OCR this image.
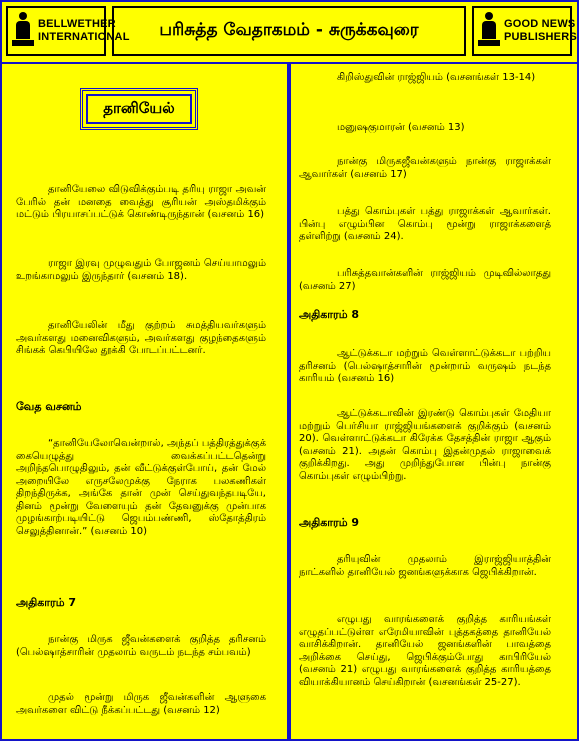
BELLWETHER
INTERNATIONAL	பரிசுத்த வேதாகமம் - சுருக்கவுரை	GOOD NEWS
PUBLISHERS
தானியேல்
தானியேலை விடுவிக்கும்படி தரியு ராஜா அவன் பேரில் தன் மனதை வைத்து சூரியன் அஸ்தமிக்கும் மட்டும் பிரயாசப்பட்டுக் கொண்டிருந்தான் (வசனம் 16)
ராஜா இரவு முழுவதும் போஜனம் செய்யாமலும் உறங்காமலும் இருந்தார் (வசனம் 18).
தானியேலின் மீது குற்றம் சுமத்தியவர்களும் அவர்களது மனைவிகளும், அவர்களது குழந்தைகளும் சிங்கக் கெபியிலே தூக்கி போடப்பட்டனர்.
வேத வசனம்
“தானியேலோவென்றால், அந்தப் பத்திரத்துக்குக் கையெழுத்து வைக்கப்பட்டதென்று அறிந்தபொழுதிலும், தன் வீட்டுக்குள்போய், தன் மேல் அறையிலே எருசலேமுக்கு நேராக பலகணிகள் திறந்திருக்க, அங்கே தான் முன் செய்துவந்தபடியே, தினம் மூன்று வேளையும் தன் தேவனுக்கு முன்பாக முழங்காற்படியிட்டு ஜெபம்பண்ணி, ஸ்தோத்திரம் செலுத்தினான்.” (வசனம் 10)
அதிகாரம் 7
நான்கு மிருக ஜீவன்களைக் குறித்த தரிசனம் (பெல்ஷாத்சாரின் முதலாம் வருடம் நடந்த சம்பவம்)
முதல் மூன்று மிருக ஜீவன்களின் ஆளுகை அவர்களை விட்டு நீக்கப்பட்டது (வசனம் 12)
கிறிஸ்துவின் ராஜ்ஜியம் (வசனங்கள் 13-14)
மனுஷகுமாரன் (வசனம் 13)
நான்கு மிருகஜீவன்களும் நான்கு ராஜாக்கள் ஆவார்கள் (வசனம் 17)
பத்து கொம்புகள் பத்து ராஜாக்கள் ஆவார்கள். பின்பு எழும்பின கொம்பு மூன்று ராஜாக்களைத் தள்ளிற்று (வசனம் 24).
பரிசுத்தவான்களின் ராஜ்ஜியம் முடிவில்லாதது (வசனம் 27)
அதிகாரம் 8
ஆட்டுக்கடா மற்றும் வெள்ளாட்டுக்கடா பற்றிய தரிசனம் (பெல்ஷாத்சாரின் மூன்றாம் வருஷம் நடந்த காரியம் (வசனம் 16)
ஆட்டுக்கடாவின் இரண்டு கொம்புகள் மேதியா மற்றும் பெர்சியா ராஜ்ஜியங்களைக் குறிக்கும் (வசனம் 20). வெள்ளாட்டுக்கடா கிரேக்க தேசத்தின் ராஜா ஆகும் (வசனம் 21). அதன் கொம்பு இதன்முதல் ராஜாவைக் குறிக்கிறது. அது முறிந்துபோன பின்பு நான்கு கொம்புகள் எழும்பிற்று.
அதிகாரம் 9
தரியுவின் முதலாம் இராஜ்ஜியாத்தின் நாட்களில் தானியேல் ஜனங்களுக்காக ஜெபிக்கிறான்.
எழுபது வாரங்களைக் குறித்த காரியங்கள் எழுதப்பட்டுள்ள எரேமியாவின் புத்தகத்தை தானியேல் வாசிக்கிறான். தானியேல் ஜனங்களின் பாவத்தை அறிக்கை செய்து, ஜெபிக்கும்போது காபிரியேல் (வசனம் 21) எழுபது வாரங்களைக் குறித்த காரியத்தை வியாக்கியானம் செய்கிறான் (வசனங்கள் 25-27).
